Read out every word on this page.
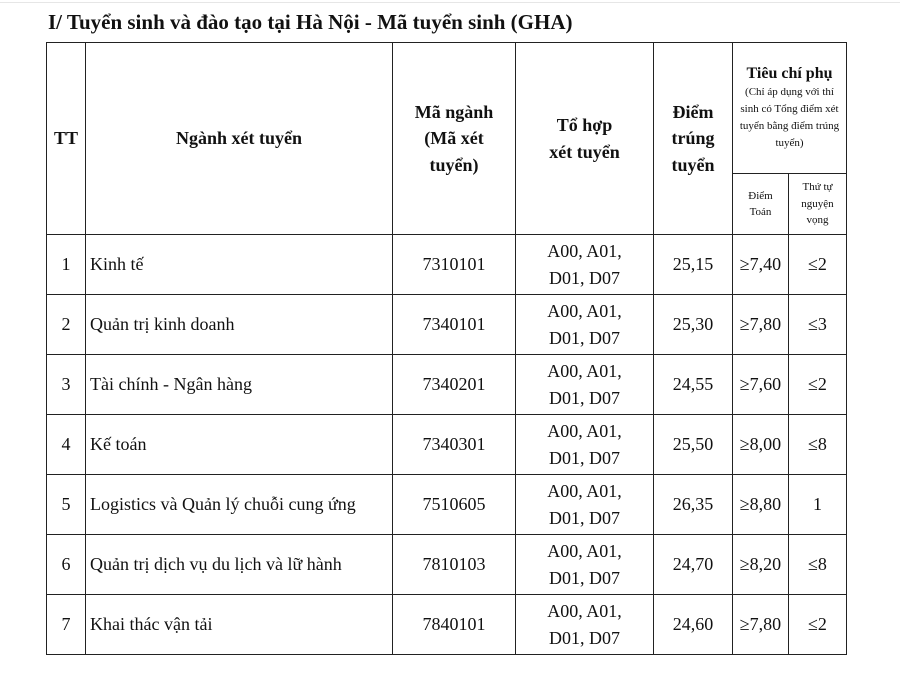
I/ Tuyển sinh và đào tạo tại Hà Nội - Mã tuyển sinh (GHA)
TT	Ngành xét tuyển	Mã ngành (Mã xét tuyển)	Tổ hợp xét tuyển	Điểm trúng tuyển	Tiêu chí phụ
(Chỉ áp dụng với thí sinh có Tổng điểm xét tuyển bằng điểm trúng tuyển)	

					Điểm Toán	Thứ tự nguyện vọng
1	Kinh tế	7310101	A00, A01, D01, D07	25,15	≥7,40	≤2
2	Quản trị kinh doanh	7340101	A00, A01, D01, D07	25,30	≥7,80	≤3
3	Tài chính - Ngân hàng	7340201	A00, A01, D01, D07	24,55	≥7,60	≤2
4	Kế toán	7340301	A00, A01, D01, D07	25,50	≥8,00	≤8
5	Logistics và Quản lý chuỗi cung ứng	7510605	A00, A01, D01, D07	26,35	≥8,80	1
6	Quản trị dịch vụ du lịch và lữ hành	7810103	A00, A01, D01, D07	24,70	≥8,20	≤8
7	Khai thác vận tải	7840101	A00, A01, D01, D07	24,60	≥7,80	≤2
